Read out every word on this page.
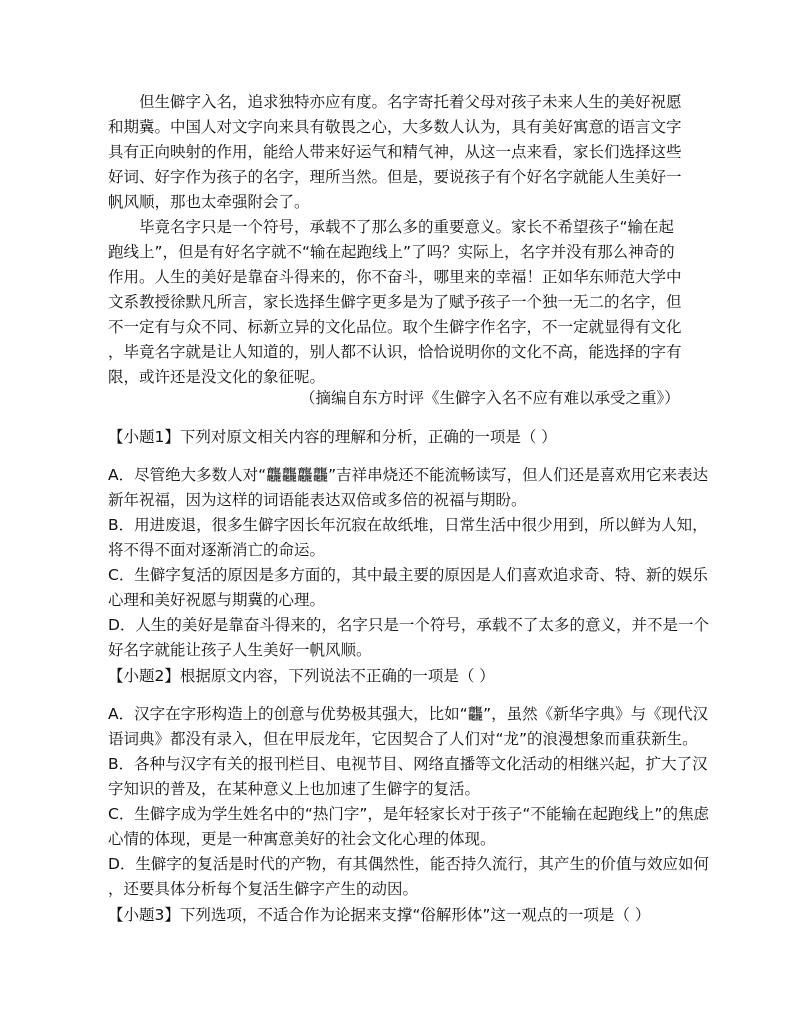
但生僻字入名，追求独特亦应有度。名字寄托着父母对孩子未来人生的美好祝愿
和期冀。中国人对文字向来具有敬畏之心，大多数人认为，具有美好寓意的语言文字
具有正向映射的作用，能给人带来好运气和精气神，从这一点来看，家长们选择这些
好词、好字作为孩子的名字，理所当然。但是，要说孩子有个好名字就能人生美好一
帆风顺，那也太牵强附会了。
毕竟名字只是一个符号，承载不了那么多的重要意义。家长不希望孩子“输在起
跑线上”，但是有好名字就不“输在起跑线上”了吗？实际上，名字并没有那么神奇的
作用。人生的美好是靠奋斗得来的，你不奋斗，哪里来的幸福！正如华东师范大学中
文系教授徐默凡所言，家长选择生僻字更多是为了赋予孩子一个独一无二的名字，但
不一定有与众不同、标新立异的文化品位。取个生僻字作名字，不一定就显得有文化
，毕竟名字就是让人知道的，别人都不认识，恰恰说明你的文化不高，能选择的字有
限，或许还是没文化的象征呢。
（摘编自东方时评《生僻字入名不应有难以承受之重》）
【小题1】下列对原文相关内容的理解和分析，正确的一项是（ ）
A．尽管绝大多数人对“龘龘龘龘”吉祥串烧还不能流畅读写，但人们还是喜欢用它来表达
新年祝福，因为这样的词语能表达双倍或多倍的祝福与期盼。
B．用进废退，很多生僻字因长年沉寂在故纸堆，日常生活中很少用到，所以鲜为人知，
将不得不面对逐渐消亡的命运。
C．生僻字复活的原因是多方面的，其中最主要的原因是人们喜欢追求奇、特、新的娱乐
心理和美好祝愿与期冀的心理。
D．人生的美好是靠奋斗得来的，名字只是一个符号，承载不了太多的意义，并不是一个
好名字就能让孩子人生美好一帆风顺。
【小题2】根据原文内容，下列说法不正确的一项是（ ）
A．汉字在字形构造上的创意与优势极其强大，比如“龘”，虽然《新华字典》与《现代汉
语词典》都没有录入，但在甲辰龙年，它因契合了人们对“龙”的浪漫想象而重获新生。
B．各种与汉字有关的报刊栏目、电视节目、网络直播等文化活动的相继兴起，扩大了汉
字知识的普及，在某种意义上也加速了生僻字的复活。
C．生僻字成为学生姓名中的“热门字”，是年轻家长对于孩子“不能输在起跑线上”的焦虑
心情的体现，更是一种寓意美好的社会文化心理的体现。
D．生僻字的复活是时代的产物，有其偶然性，能否持久流行，其产生的价值与效应如何
，还要具体分析每个复活生僻字产生的动因。
【小题3】下列选项，不适合作为论据来支撑“俗解形体”这一观点的一项是（ ）
